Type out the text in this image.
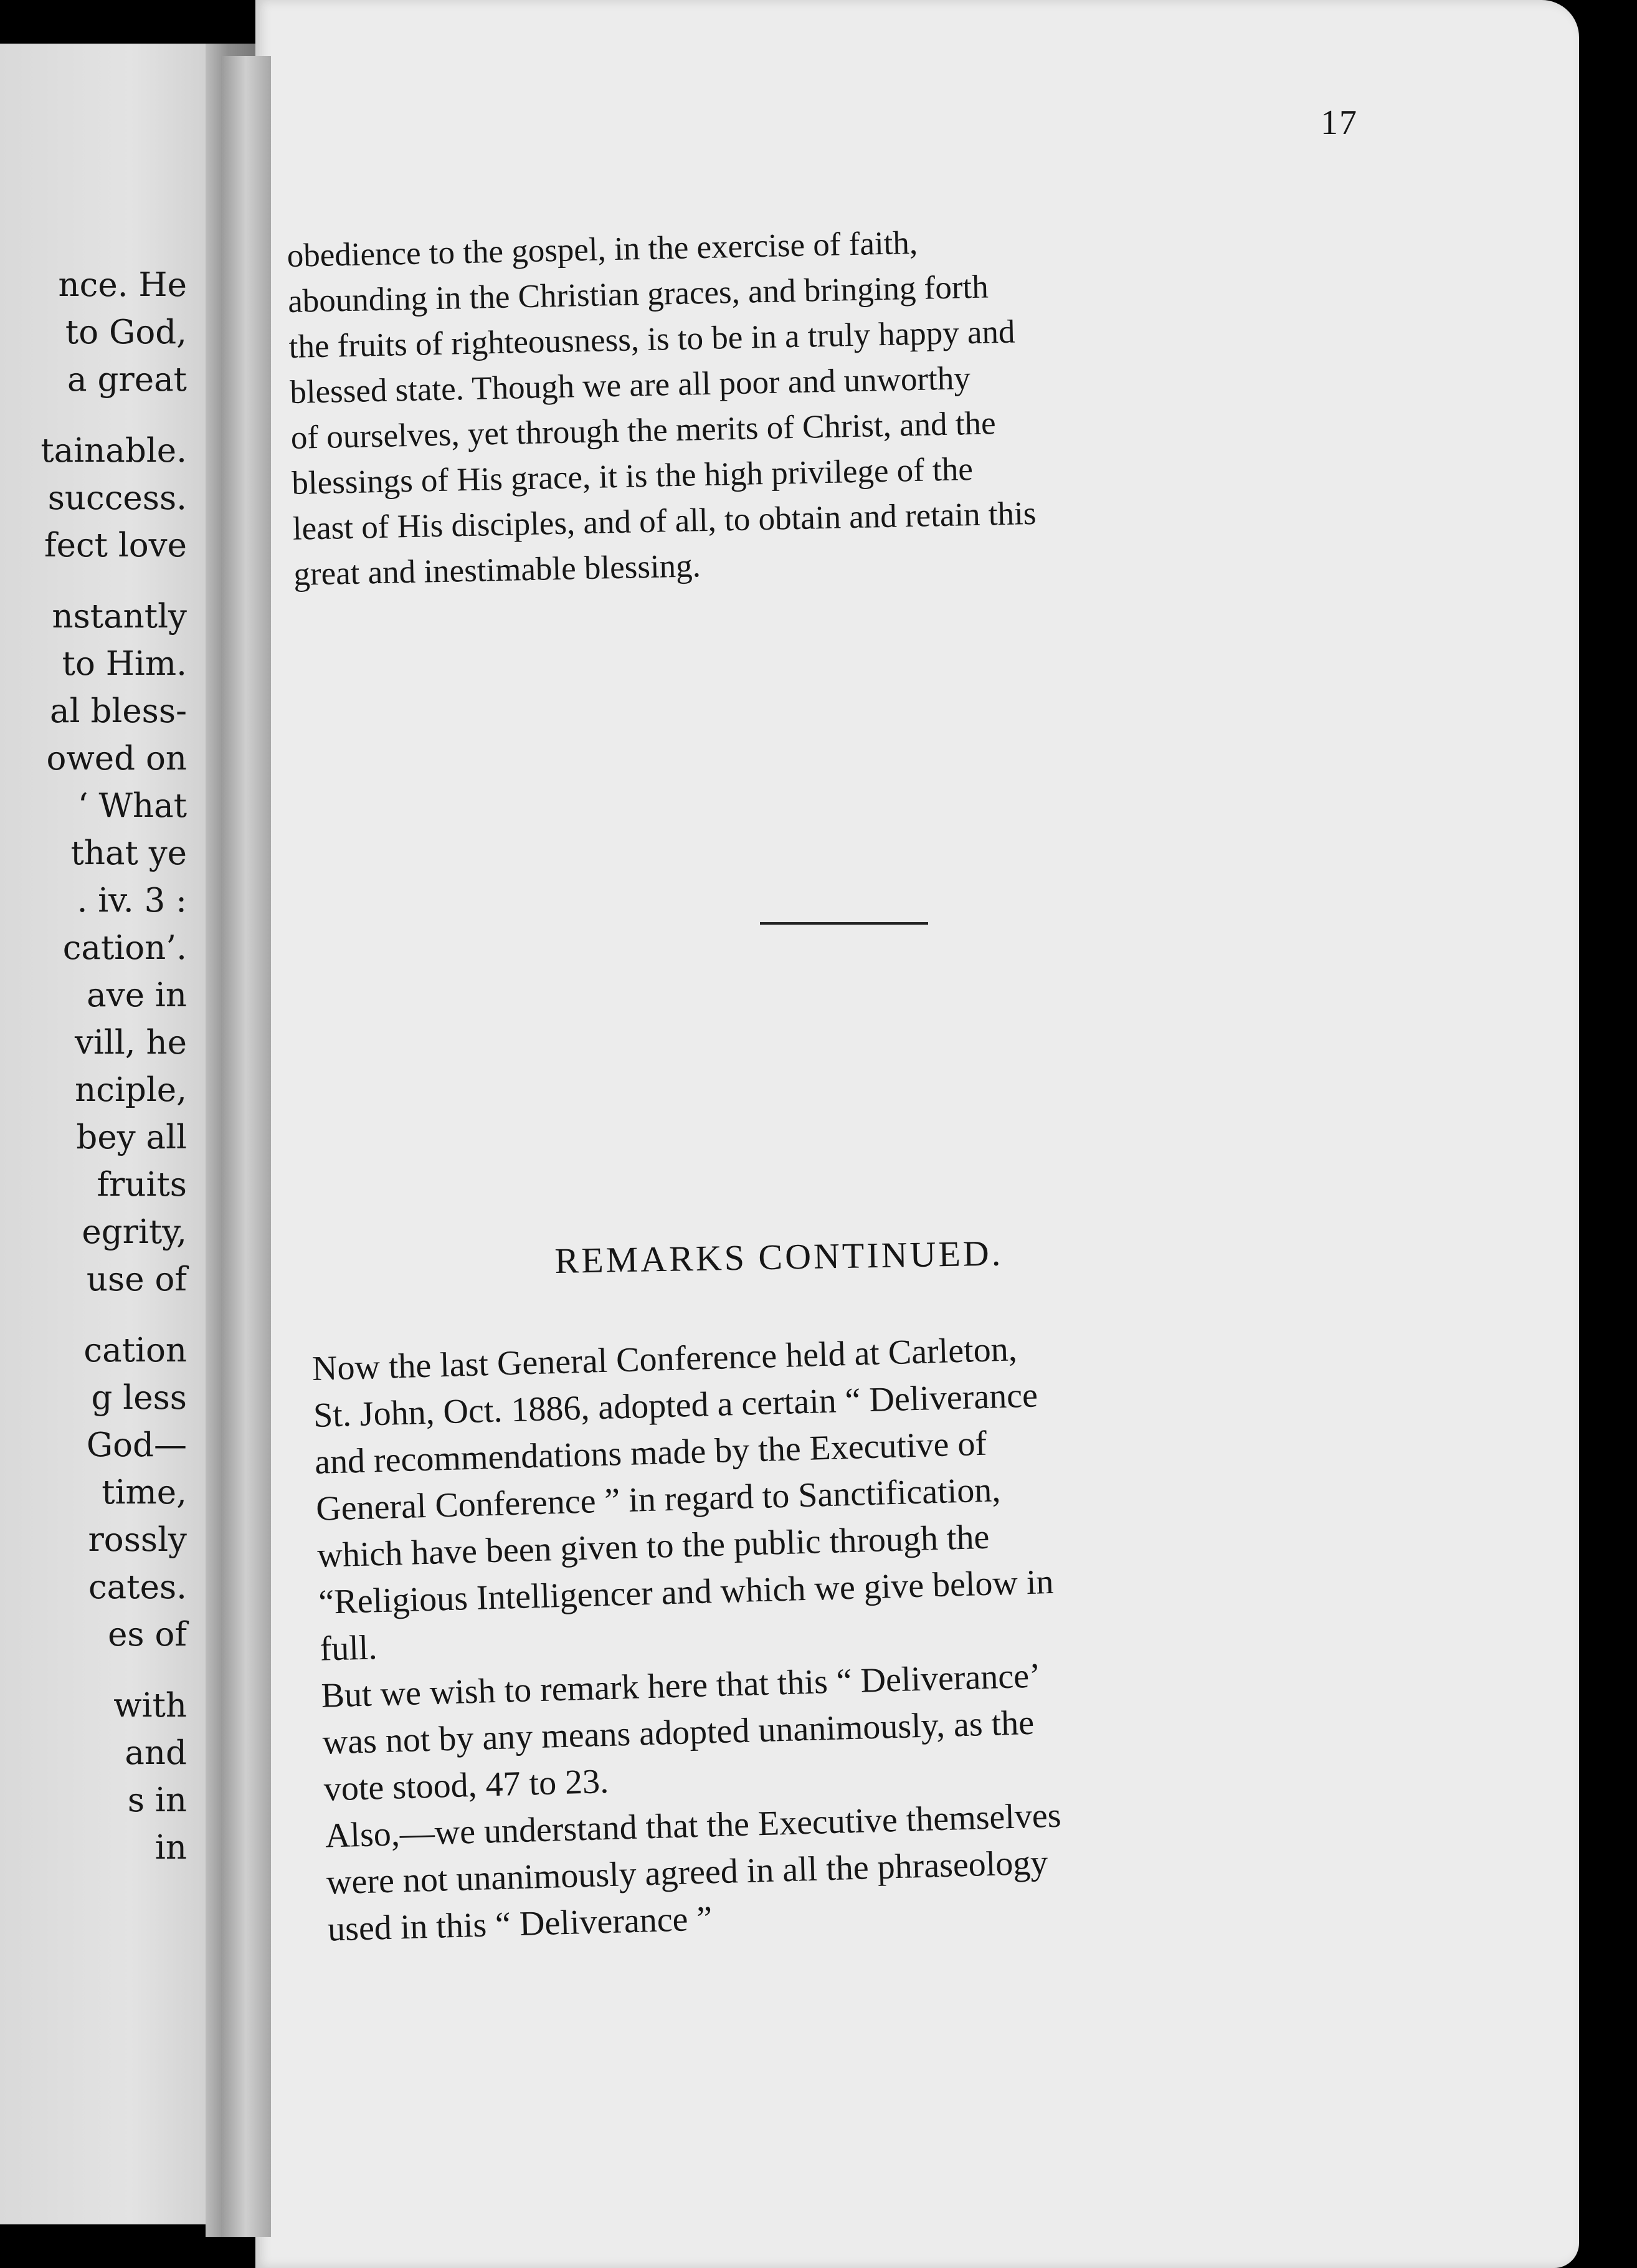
nce. He
to God,
a great
tainable.
success.
fect love
nstantly
to Him.
al bless-
owed on
‘ What
that ye
. iv. 3 :
cation’.
ave in
vill, he
nciple,
bey all
fruits
egrity,
use of
cation
g less
God—
time,
rossly
cates.
es of
with
and
s in
in
17
obedience to the gospel, in the exercise of faith,
abounding in the Christian graces, and bringing forth
the fruits of righteousness, is to be in a truly happy and
blessed state. Though we are all poor and unworthy
of ourselves, yet through the merits of Christ, and the
blessings of His grace, it is the high privilege of the
least of His disciples, and of all, to obtain and retain this
great and inestimable blessing.
REMARKS CONTINUED.
Now the last General Conference held at Carleton,
St. John, Oct. 1886, adopted a certain “ Deliverance
and recommendations made by the Executive of
General Conference ” in regard to Sanctification,
which have been given to the public through the
“Religious Intelligencer and which we give below in
full.
But we wish to remark here that this “ Deliverance’
was not by any means adopted unanimously, as the
vote stood, 47 to 23.
Also,—we understand that the Executive themselves
were not unanimously agreed in all the phraseology
used in this “ Deliverance ”
